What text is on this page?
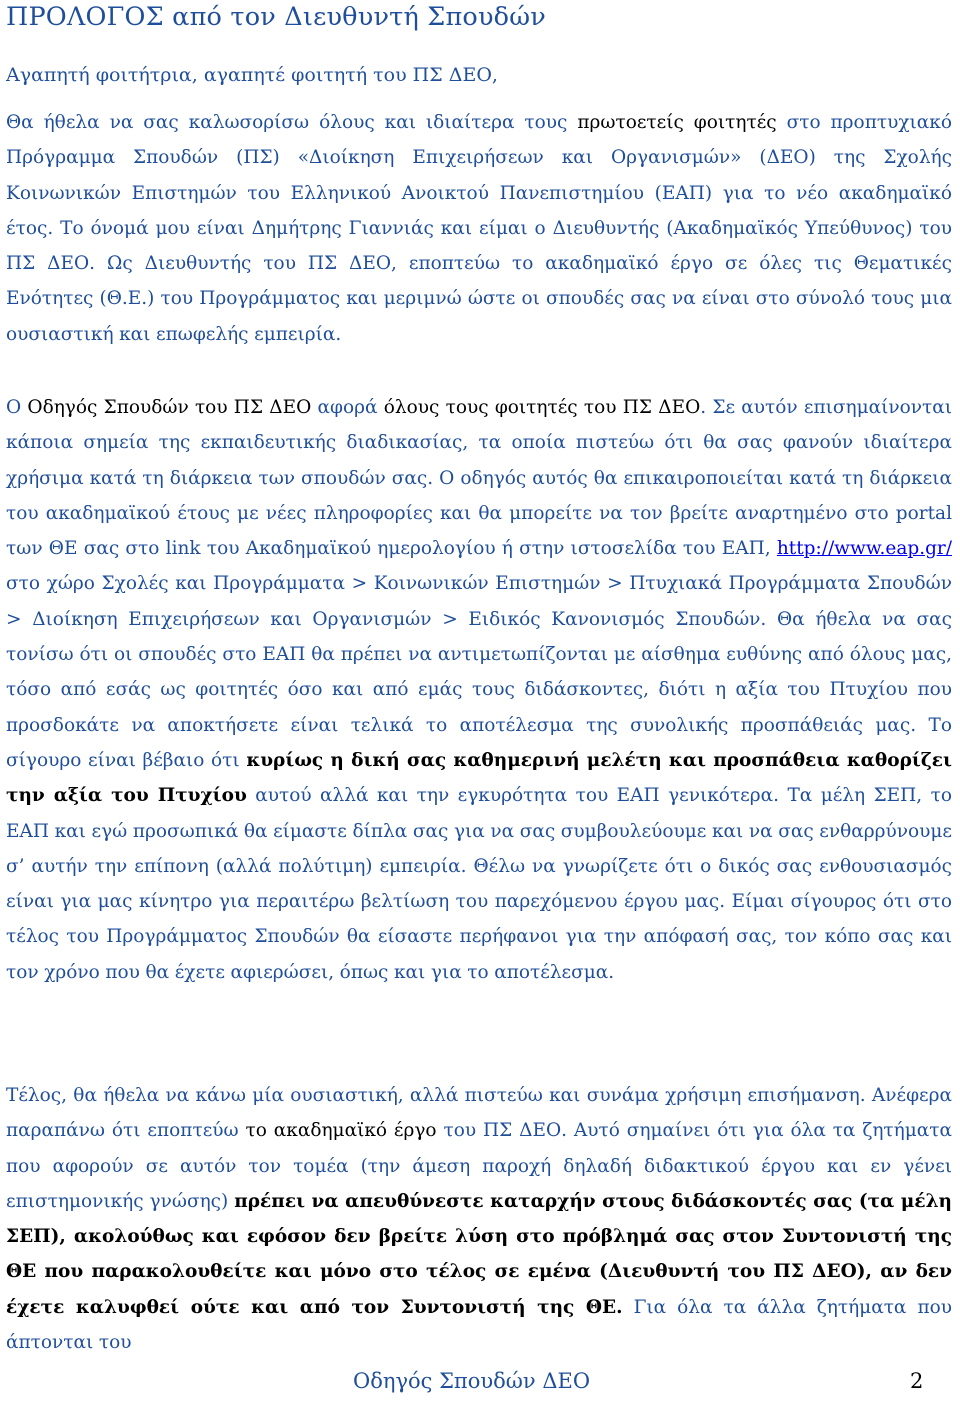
ΠΡΟΛΟΓΟΣ από τον Διευθυντή Σπουδών
Αγαπητή φοιτήτρια, αγαπητέ φοιτητή του ΠΣ ΔΕΟ,
Θα ήθελα να σας καλωσορίσω όλους και ιδιαίτερα τους πρωτοετείς φοιτητές στο προπτυχιακό Πρόγραμμα Σπουδών (ΠΣ) «Διοίκηση Επιχειρήσεων και Οργανισμών» (ΔΕΟ) της Σχολής Κοινωνικών Επιστημών του Ελληνικού Ανοικτού Πανεπιστημίου (ΕΑΠ) για το νέο ακαδημαϊκό έτος. Το όνομά μου είναι Δημήτρης Γιαννιάς και είμαι ο Διευθυντής (Ακαδημαϊκός Υπεύθυνος) του ΠΣ ΔΕΟ. Ως Διευθυντής του ΠΣ ΔΕΟ, εποπτεύω το ακαδημαϊκό έργο σε όλες τις Θεματικές Ενότητες (Θ.Ε.) του Προγράμματος και μεριμνώ ώστε οι σπουδές σας να είναι στο σύνολό τους μια ουσιαστική και επωφελής εμπειρία.
Ο Οδηγός Σπουδών του ΠΣ ΔΕΟ αφορά όλους τους φοιτητές του ΠΣ ΔΕΟ. Σε αυτόν επισημαίνονται κάποια σημεία της εκπαιδευτικής διαδικασίας, τα οποία πιστεύω ότι θα σας φανούν ιδιαίτερα χρήσιμα κατά τη διάρκεια των σπουδών σας. Ο οδηγός αυτός θα επικαιροποιείται κατά τη διάρκεια του ακαδημαϊκού έτους με νέες πληροφορίες και θα μπορείτε να τον βρείτε αναρτημένο στο portal των ΘΕ σας στο link του Ακαδημαϊκού ημερολογίου ή στην ιστοσελίδα του ΕΑΠ, http://www.eap.gr/ στο χώρο Σχολές και Προγράμματα > Κοινωνικών Επιστημών > Πτυχιακά Προγράμματα Σπουδών > Διοίκηση Επιχειρήσεων και Οργανισμών > Ειδικός Κανονισμός Σπουδών. Θα ήθελα να σας τονίσω ότι οι σπουδές στο ΕΑΠ θα πρέπει να αντιμετωπίζονται με αίσθημα ευθύνης από όλους μας, τόσο από εσάς ως φοιτητές όσο και από εμάς τους διδάσκοντες, διότι η αξία του Πτυχίου που προσδοκάτε να αποκτήσετε είναι τελικά το αποτέλεσμα της συνολικής προσπάθειάς μας. Το σίγουρο είναι βέβαιο ότι κυρίως η δική σας καθημερινή μελέτη και προσπάθεια καθορίζει την αξία του Πτυχίου αυτού αλλά και την εγκυρότητα του ΕΑΠ γενικότερα. Τα μέλη ΣΕΠ, το ΕΑΠ και εγώ προσωπικά θα είμαστε δίπλα σας για να σας συμβουλεύουμε και να σας ενθαρρύνουμε σ’ αυτήν την επίπονη (αλλά πολύτιμη) εμπειρία. Θέλω να γνωρίζετε ότι ο δικός σας ενθουσιασμός είναι για μας κίνητρο για περαιτέρω βελτίωση του παρεχόμενου έργου μας. Είμαι σίγουρος ότι στο τέλος του Προγράμματος Σπουδών θα είσαστε περήφανοι για την απόφασή σας, τον κόπο σας και τον χρόνο που θα έχετε αφιερώσει, όπως και για το αποτέλεσμα.
Τέλος, θα ήθελα να κάνω μία ουσιαστική, αλλά πιστεύω και συνάμα χρήσιμη επισήμανση. Ανέφερα παραπάνω ότι εποπτεύω το ακαδημαϊκό έργο του ΠΣ ΔΕΟ. Αυτό σημαίνει ότι για όλα τα ζητήματα που αφορούν σε αυτόν τον τομέα (την άμεση παροχή δηλαδή διδακτικού έργου και εν γένει επιστημονικής γνώσης) πρέπει να απευθύνεστε καταρχήν στους διδάσκοντές σας (τα μέλη ΣΕΠ), ακολούθως και εφόσον δεν βρείτε λύση στο πρόβλημά σας στον Συντονιστή της ΘΕ που παρακολουθείτε και μόνο στο τέλος σε εμένα (Διευθυντή του ΠΣ ΔΕΟ), αν δεν έχετε καλυφθεί ούτε και από τον Συντονιστή της ΘΕ. Για όλα τα άλλα ζητήματα που άπτονται του
Οδηγός Σπουδών ΔΕΟ	2
